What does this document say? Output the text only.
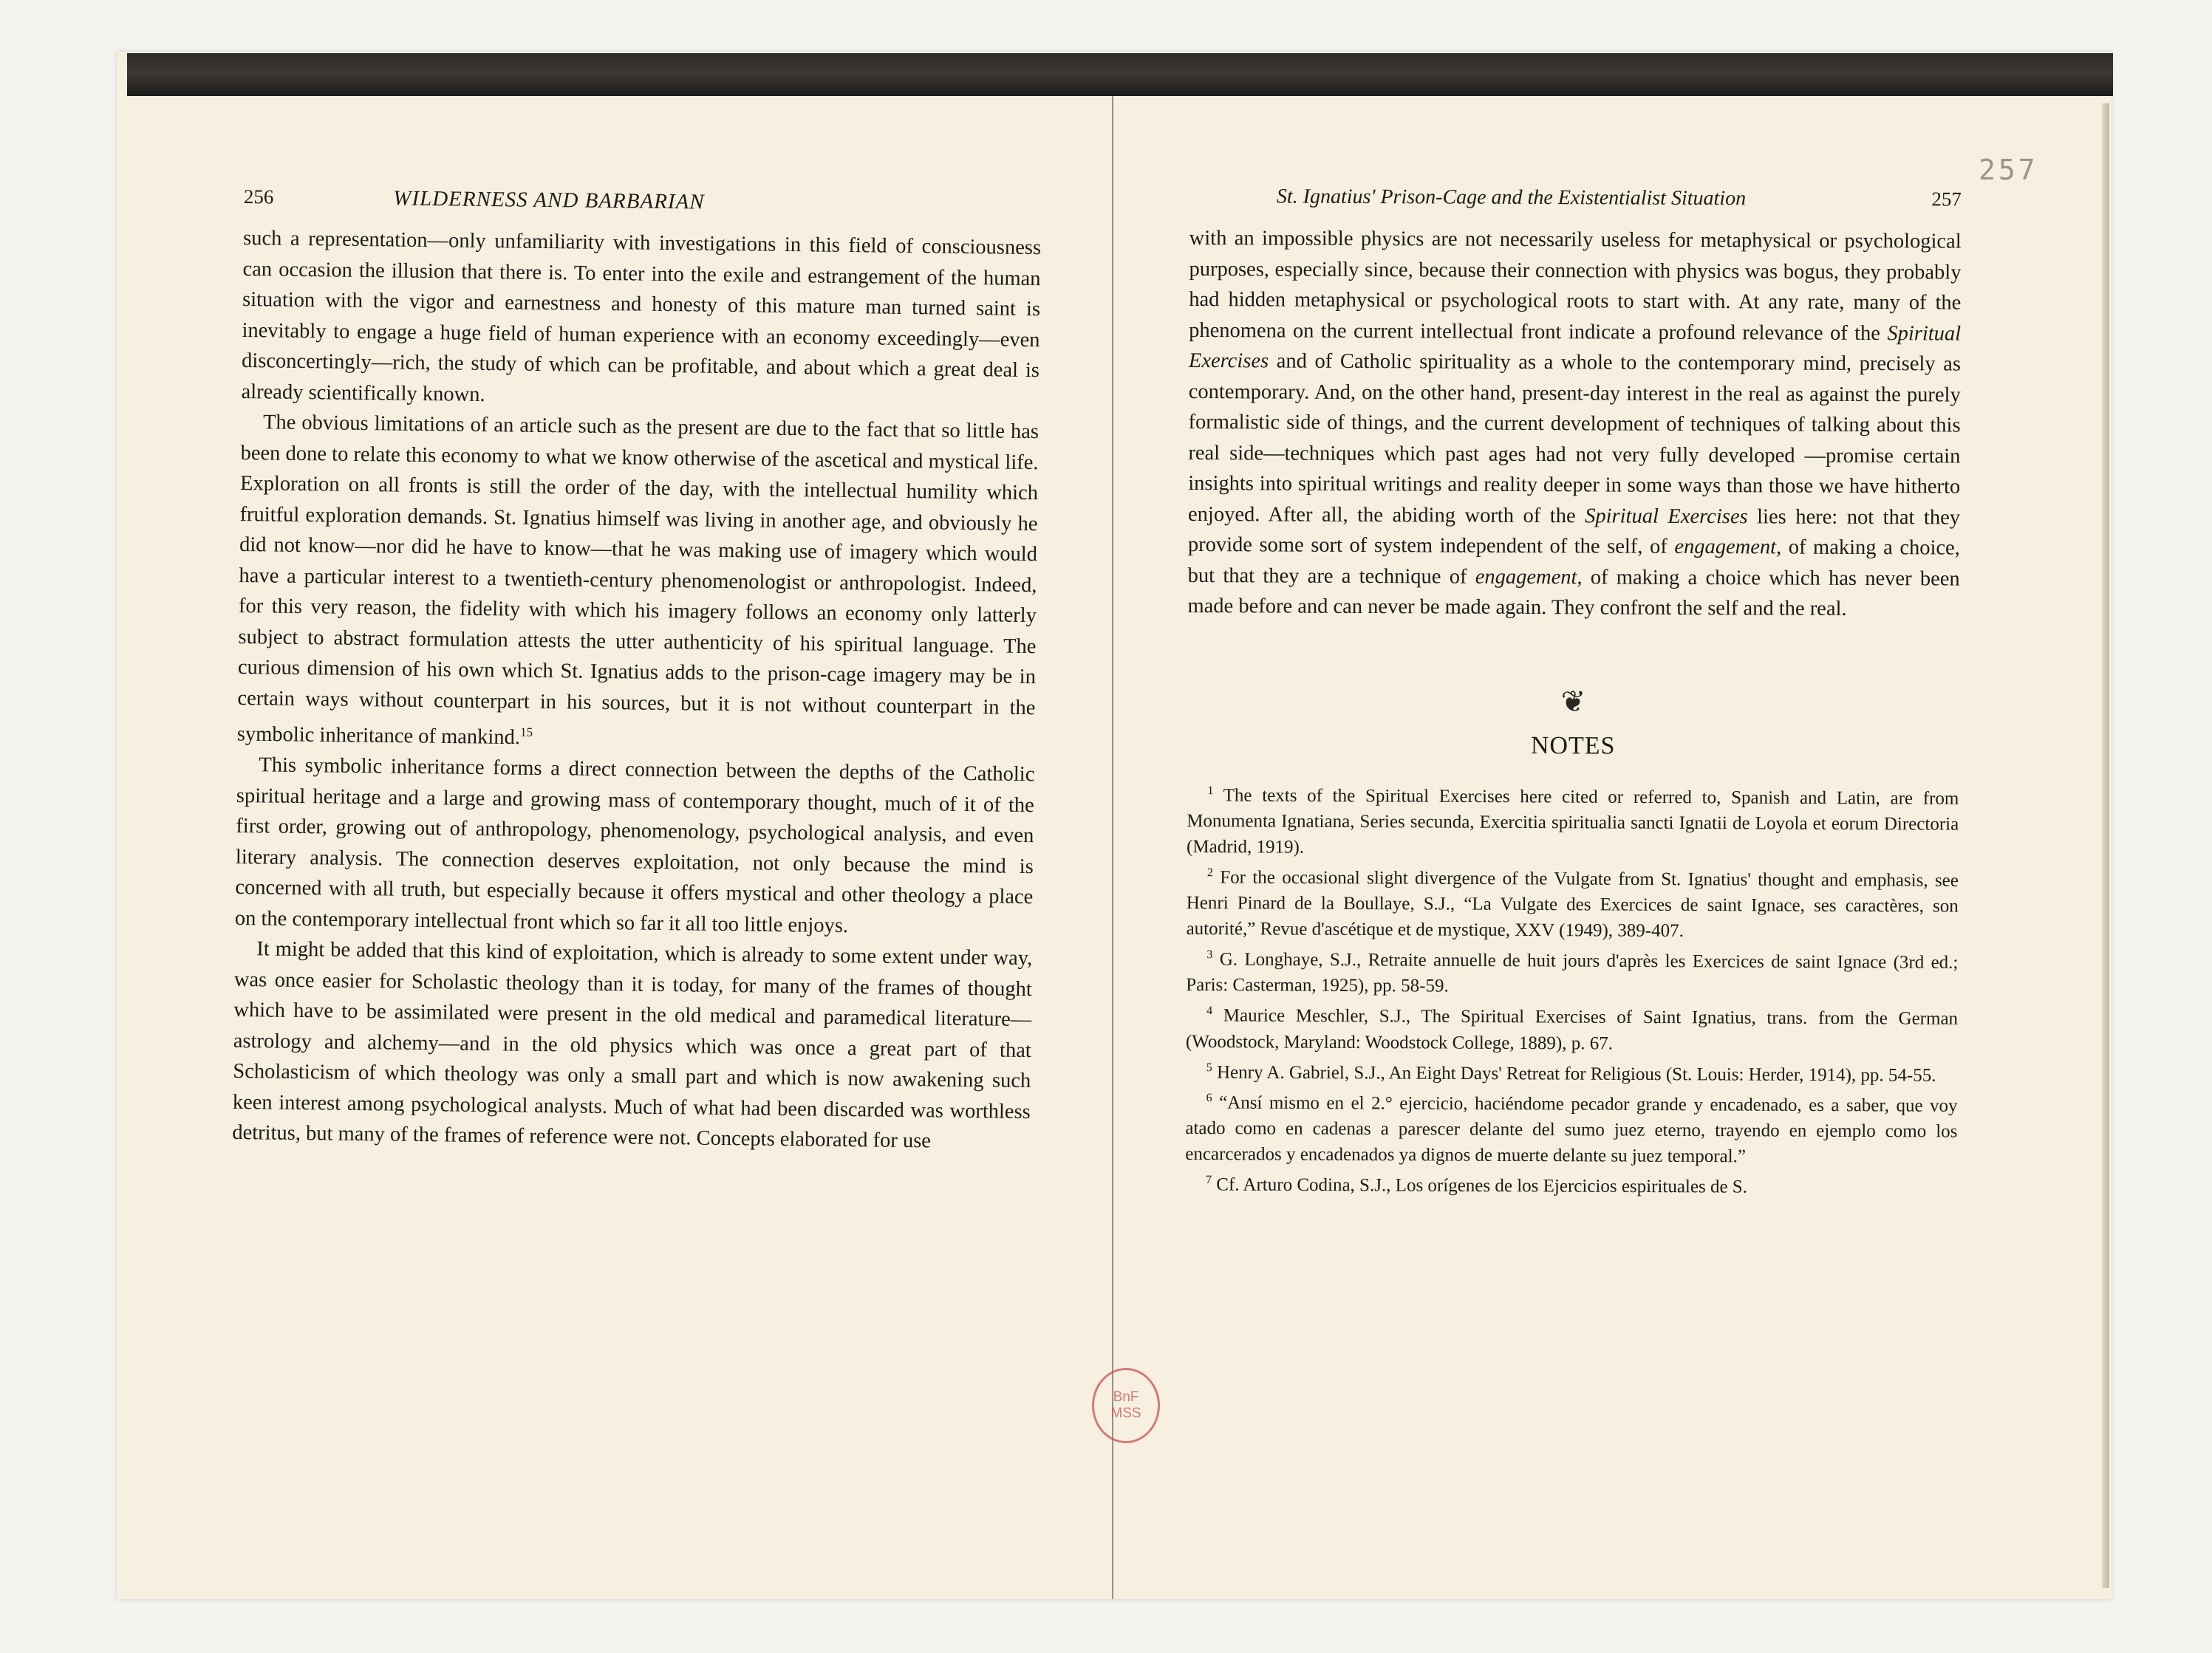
257
256	WILDERNESS AND BARBARIAN

such a representation—only unfamiliarity with investigations in this field of consciousness can occasion the illusion that there is. To enter into the exile and estrangement of the human situation with the vigor and earnestness and honesty of this mature man turned saint is inevitably to engage a huge field of human experience with an economy exceedingly—even disconcertingly—rich, the study of which can be profitable, and about which a great deal is already scientifically known.

The obvious limitations of an article such as the present are due to the fact that so little has been done to relate this economy to what we know otherwise of the ascetical and mystical life. Exploration on all fronts is still the order of the day, with the intellectual humility which fruitful exploration demands. St. Ignatius himself was living in another age, and obviously he did not know—nor did he have to know—that he was making use of imagery which would have a particular interest to a twentieth-century phenomenologist or anthropologist. Indeed, for this very reason, the fidelity with which his imagery follows an economy only latterly subject to abstract formulation attests the utter authenticity of his spiritual language. The curious dimension of his own which St. Ignatius adds to the prison-cage imagery may be in certain ways without counterpart in his sources, but it is not without counterpart in the symbolic inheritance of mankind.$^{15}$

This symbolic inheritance forms a direct connection between the depths of the Catholic spiritual heritage and a large and growing mass of contemporary thought, much of it of the first order, growing out of anthropology, phenomenology, psychological analysis, and even literary analysis. The connection deserves exploitation, not only because the mind is concerned with all truth, but especially because it offers mystical and other theology a place on the contemporary intellectual front which so far it all too little enjoys.

It might be added that this kind of exploitation, which is already to some extent under way, was once easier for Scholastic theology than it is today, for many of the frames of thought which have to be assimilated were present in the old medical and paramedical literature—astrology and alchemy—and in the old physics which was once a great part of that Scholasticism of which theology was only a small part and which is now awakening such keen interest among psychological analysts. Much of what had been discarded was worthless detritus, but many of the frames of reference were not. Concepts elaborated for use

St. Ignatius' Prison-Cage and the Existentialist Situation	257

with an impossible physics are not necessarily useless for metaphysical or psychological purposes, especially since, because their connection with physics was bogus, they probably had hidden metaphysical or psychological roots to start with. At any rate, many of the phenomena on the current intellectual front indicate a profound relevance of the Spiritual Exercises and of Catholic spirituality as a whole to the contemporary mind, precisely as contemporary. And, on the other hand, present-day interest in the real as against the purely formalistic side of things, and the current development of techniques of talking about this real side—techniques which past ages had not very fully developed —promise certain insights into spiritual writings and reality deeper in some ways than those we have hitherto enjoyed. After all, the abiding worth of the Spiritual Exercises lies here: not that they provide some sort of system independent of the self, of engagement, of making a choice, but that they are a technique of engagement, of making a choice which has never been made before and can never be made again. They confront the self and the real.

❦
NOTES

$^1$ The texts of the Spiritual Exercises here cited or referred to, Spanish and Latin, are from Monumenta Ignatiana, Series secunda, Exercitia spiritualia sancti Ignatii de Loyola et eorum Directoria (Madrid, 1919).

$^2$ For the occasional slight divergence of the Vulgate from St. Ignatius' thought and emphasis, see Henri Pinard de la Boullaye, S.J., “La Vulgate des Exercices de saint Ignace, ses caractères, son autorité,” Revue d'ascétique et de mystique, XXV (1949), 389-407.

$^3$ G. Longhaye, S.J., Retraite annuelle de huit jours d'après les Exercices de saint Ignace (3rd ed.; Paris: Casterman, 1925), pp. 58-59.

$^4$ Maurice Meschler, S.J., The Spiritual Exercises of Saint Ignatius, trans. from the German (Woodstock, Maryland: Woodstock College, 1889), p. 67.

$^5$ Henry A. Gabriel, S.J., An Eight Days' Retreat for Religious (St. Louis: Herder, 1914), pp. 54-55.

$^6$ “Ansí mismo en el 2.° ejercicio, haciéndome pecador grande y encadenado, es a saber, que voy atado como en cadenas a parescer delante del sumo juez eterno, trayendo en ejemplo como los encarcerados y encadenados ya dignos de muerte delante su juez temporal.”

$^7$ Cf. Arturo Codina, S.J., Los orígenes de los Ejercicios espirituales de S.

BnF
MSS
